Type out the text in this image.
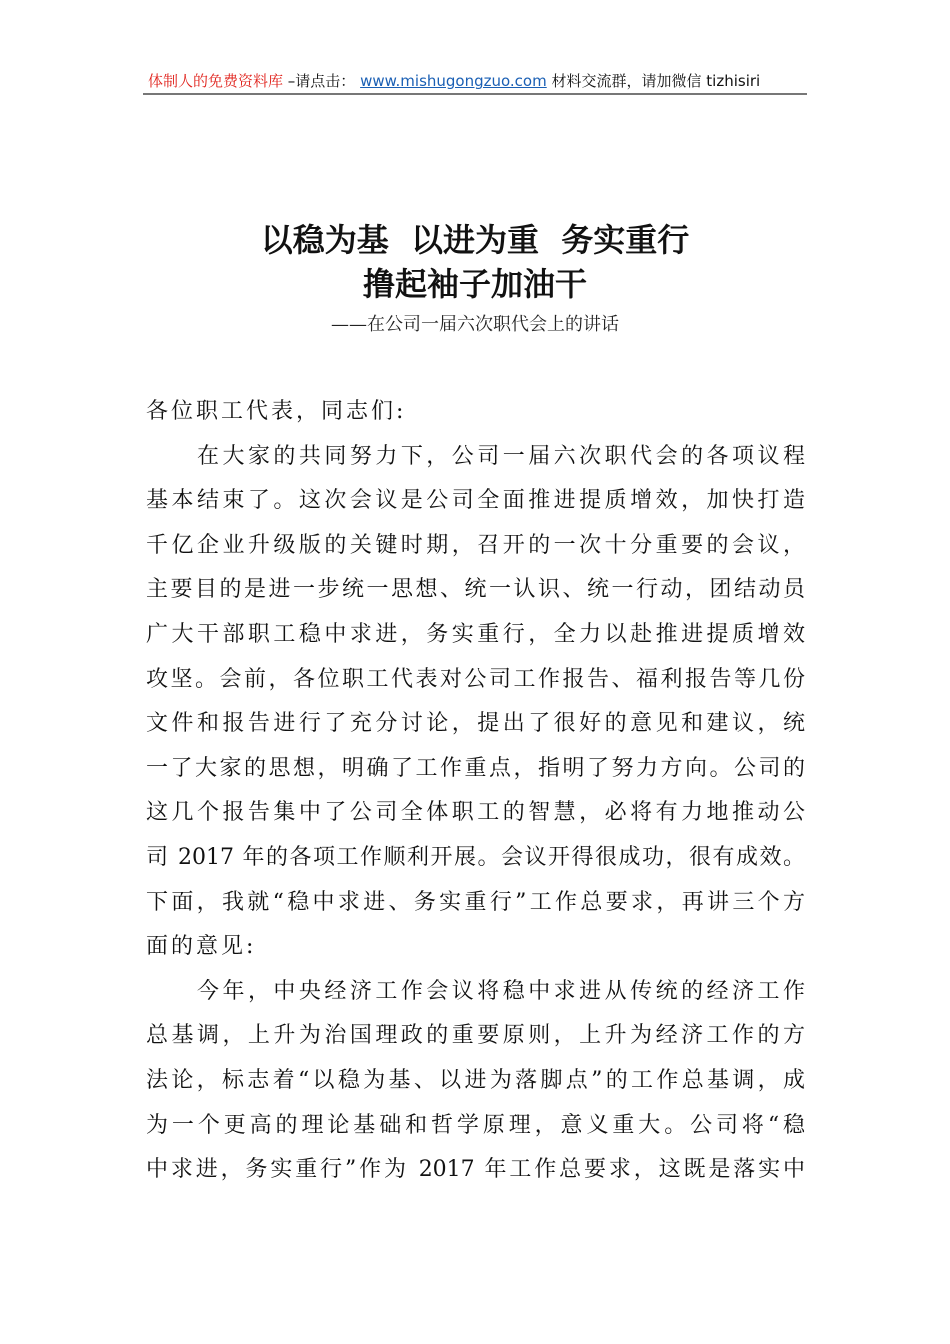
体制人的免费资料库 –请点击： www.mishugongzuo.com 材料交流群，请加微信 tizhisiri
以稳为基  以进为重  务实重行
撸起袖子加油干
——在公司一届六次职代会上的讲话
各位职工代表，同志们:
在大家的共同努力下，公司一届六次职代会的各项议程
基本结束了。这次会议是公司全面推进提质增效，加快打造
千亿企业升级版的关键时期，召开的一次十分重要的会议，
主要目的是进一步统一思想、统一认识、统一行动，团结动员
广大干部职工稳中求进，务实重行，全力以赴推进提质增效
攻坚。会前，各位职工代表对公司工作报告、福利报告等几份
文件和报告进行了充分讨论，提出了很好的意见和建议，统
一了大家的思想，明确了工作重点，指明了努力方向。公司的
这几个报告集中了公司全体职工的智慧，必将有力地推动公
司 2017 年的各项工作顺利开展。会议开得很成功，很有成效。
下面，我就“稳中求进、务实重行”工作总要求，再讲三个方
面的意见:
今年，中央经济工作会议将稳中求进从传统的经济工作
总基调，上升为治国理政的重要原则，上升为经济工作的方
法论，标志着“以稳为基、以进为落脚点”的工作总基调，成
为一个更高的理论基础和哲学原理，意义重大。公司将“稳
中求进，务实重行”作为 2017 年工作总要求，这既是落实中
